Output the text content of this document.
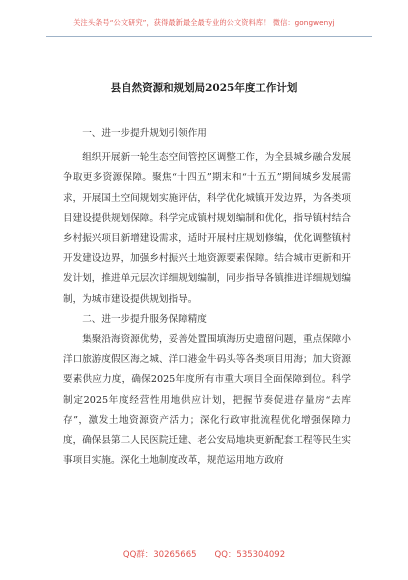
关注头条号“公文研究”，获得最新最全最专业的公文资料库！ 微信：gongwenyj
县自然资源和规划局2025年度工作计划

一、进一步提升规划引领作用

组织开展新一轮生态空间管控区调整工作，为全县城乡融合发展争取更多资源保障。聚焦“十四五”期末和“十五五”期间城乡发展需求，开展国土空间规划实施评估，科学优化城镇开发边界，为各类项目建设提供规划保障。科学完成镇村规划编制和优化，指导镇村结合乡村振兴项目新增建设需求，适时开展村庄规划修编，优化调整镇村开发建设边界，加强乡村振兴土地资源要素保障。结合城市更新和开发计划，推进单元层次详细规划编制，同步指导各镇推进详细规划编制，为城市建设提供规划指导。

二、进一步提升服务保障精度

集聚沿海资源优势，妥善处置围填海历史遗留问题，重点保障小洋口旅游度假区海之城、洋口港金牛码头等各类项目用海；加大资源要素供应力度，确保2025年度所有市重大项目全面保障到位。科学制定2025年度经营性用地供应计划，把握节奏促进存量房“去库存”，激发土地资源资产活力；深化行政审批流程优化增强保障力度，确保县第二人民医院迁建、老公安局地块更新配套工程等民生实事项目实施。深化土地制度改革，规范运用地方政府

QQ群：30265665 QQ：535304092
